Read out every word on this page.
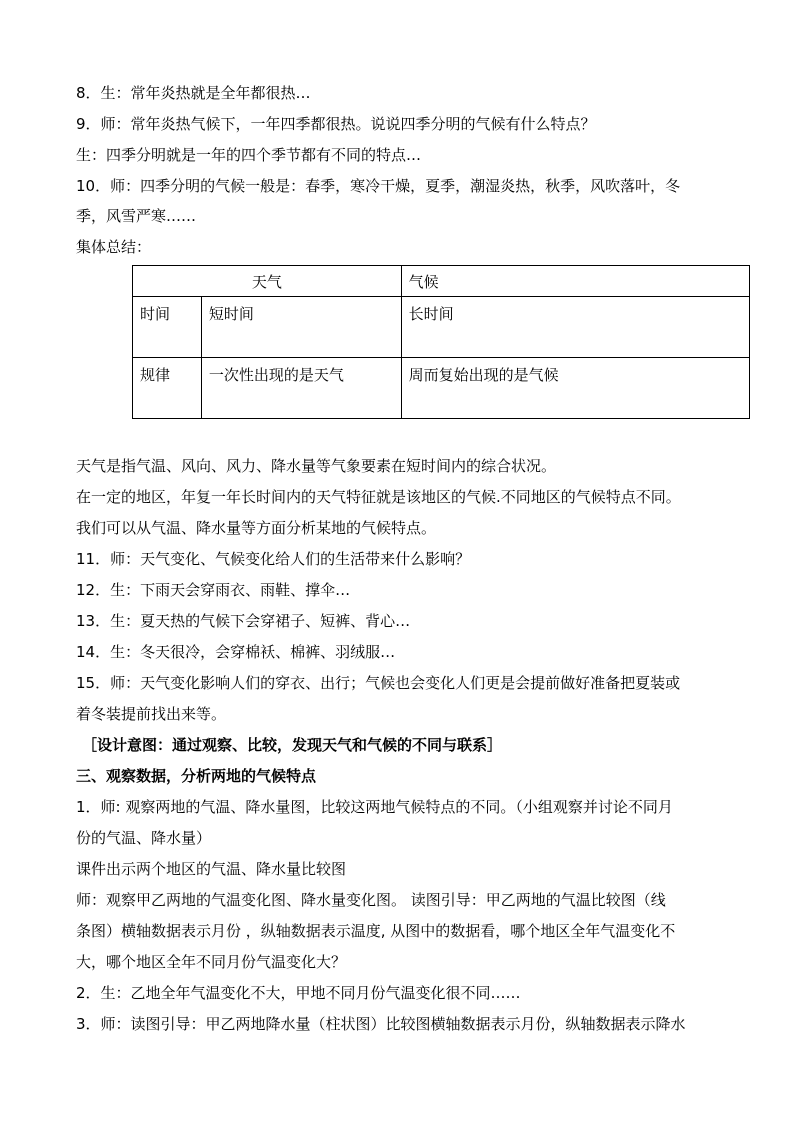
8．生：常年炎热就是全年都很热…
9．师：常年炎热气候下，一年四季都很热。说说四季分明的气候有什么特点？
生：四季分明就是一年的四个季节都有不同的特点…
10．师：四季分明的气候一般是：春季，寒冷干燥，夏季，潮湿炎热，秋季，风吹落叶，冬
季，风雪严寒……
集体总结：
天气		气候
时间	短时间	长时间
规律	一次性出现的是天气	周而复始出现的是气候
天气是指气温、风向、风力、降水量等气象要素在短时间内的综合状况。
在一定的地区，年复一年长时间内的天气特征就是该地区的气候.不同地区的气候特点不同。
我们可以从气温、降水量等方面分析某地的气候特点。
11．师：天气变化、气候变化给人们的生活带来什么影响？
12．生：下雨天会穿雨衣、雨鞋、撑伞…
13．生：夏天热的气候下会穿裙子、短裤、背心…
14．生：冬天很冷，会穿棉袄、棉裤、羽绒服…
15．师：天气变化影响人们的穿衣、出行；气候也会变化人们更是会提前做好准备把夏装或
着冬装提前找出来等。
［设计意图：通过观察、比较，发现天气和气候的不同与联系］
三、观察数据，分析两地的气候特点
1．师: 观察两地的气温、降水量图，比较这两地气候特点的不同。（小组观察并讨论不同月
份的气温、降水量）
课件出示两个地区的气温、降水量比较图
师：观察甲乙两地的气温变化图、降水量变化图。 读图引导：甲乙两地的气温比较图（线
条图）横轴数据表示月份 ，纵轴数据表示温度, 从图中的数据看，哪个地区全年气温变化不
大，哪个地区全年不同月份气温变化大？
2．生：乙地全年气温变化不大，甲地不同月份气温变化很不同……
3．师：读图引导：甲乙两地降水量（柱状图）比较图横轴数据表示月份，纵轴数据表示降水
